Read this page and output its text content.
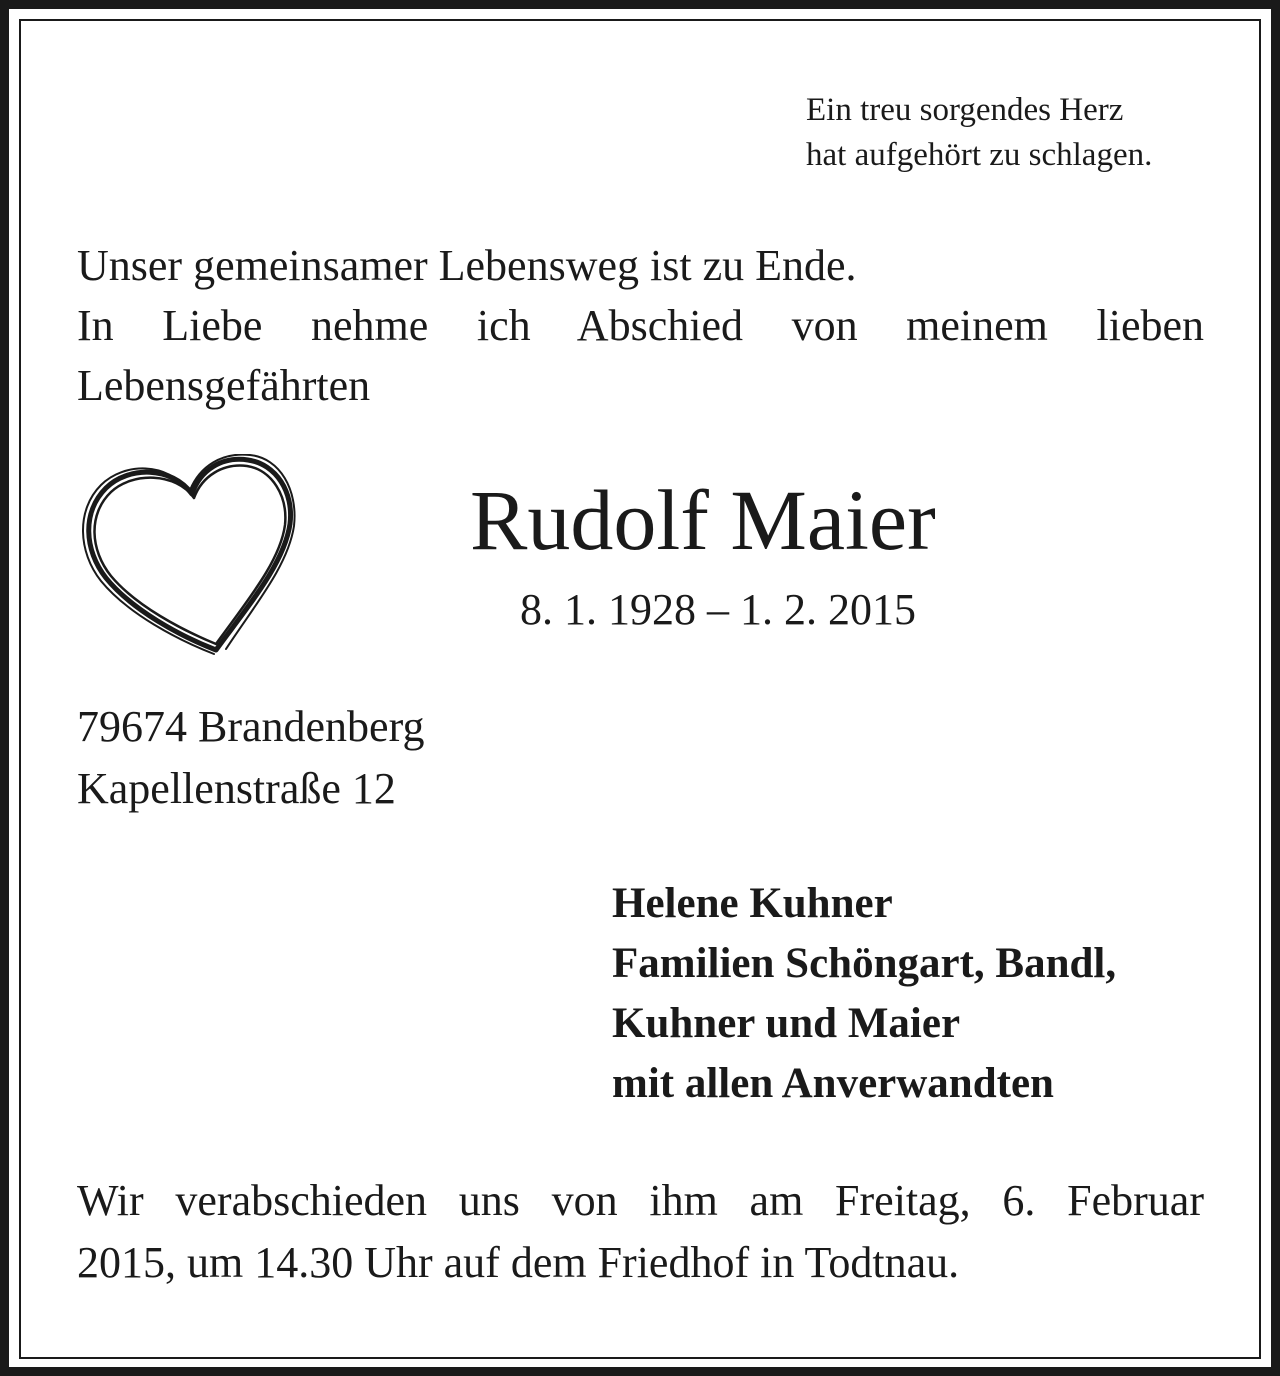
Ein treu sorgendes Herz
hat aufgehört zu schlagen.
Unser gemeinsamer Lebensweg ist zu Ende.
In Liebe nehme ich Abschied von meinem lieben
Lebensgefährten
Rudolf Maier
8. 1. 1928 – 1. 2. 2015
79674 Brandenberg
Kapellenstraße 12
Helene Kuhner
Familien Schöngart, Bandl,
Kuhner und Maier
mit allen Anverwandten
Wir verabschieden uns von ihm am Freitag, 6. Februar
2015, um 14.30 Uhr auf dem Friedhof in Todtnau.
